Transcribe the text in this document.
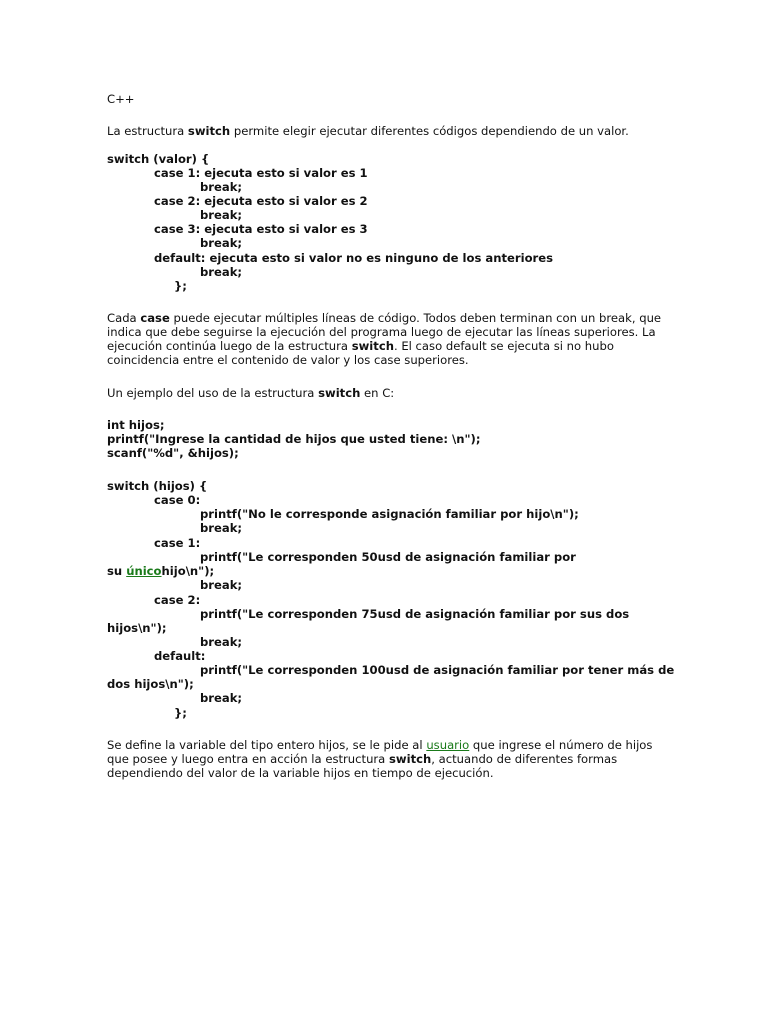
C++
La estructura switch permite elegir ejecutar diferentes códigos dependiendo de un valor.
switch (valor) {
case 1: ejecuta esto si valor es 1
break;
case 2: ejecuta esto si valor es 2
break;
case 3: ejecuta esto si valor es 3
break;
default: ejecuta esto si valor no es ninguno de los anteriores
break;
};
Cada case puede ejecutar múltiples líneas de código. Todos deben terminan con un break, que
indica que debe seguirse la ejecución del programa luego de ejecutar las líneas superiores. La
ejecución continúa luego de la estructura switch. El caso default se ejecuta si no hubo
coincidencia entre el contenido de valor y los case superiores.
Un ejemplo del uso de la estructura switch en C:
int hijos;
printf("Ingrese la cantidad de hijos que usted tiene: \n");
scanf("%d", &hijos);
switch (hijos) {
case 0:
printf("No le corresponde asignación familiar por hijo\n");
break;
case 1:
printf("Le corresponden 50usd de asignación familiar por
su únicohijo\n");
break;
case 2:
printf("Le corresponden 75usd de asignación familiar por sus dos
hijos\n");
break;
default:
printf("Le corresponden 100usd de asignación familiar por tener más de
dos hijos\n");
break;
};
Se define la variable del tipo entero hijos, se le pide al usuario que ingrese el número de hijos
que posee y luego entra en acción la estructura switch, actuando de diferentes formas
dependiendo del valor de la variable hijos en tiempo de ejecución.
